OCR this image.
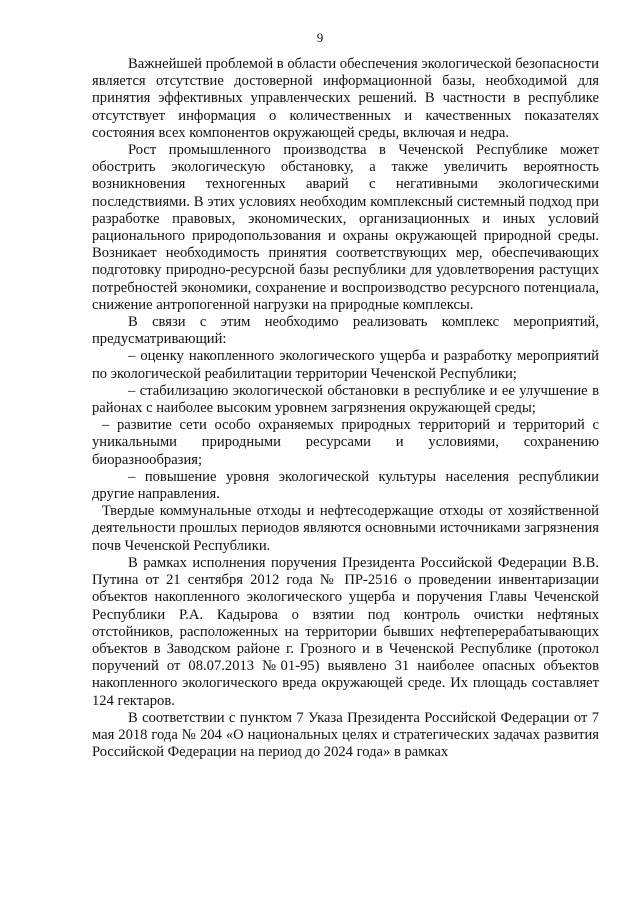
9

Важнейшей проблемой в области обеспечения экологической безопасности является отсутствие достоверной информационной базы, необходимой для принятия эффективных управленческих решений. В частности в республике отсутствует информация о количественных и качественных показателях состояния всех компонентов окружающей среды, включая и недра.

Рост промышленного производства в Чеченской Республике может обострить экологическую обстановку, а также увеличить вероятность возникновения техногенных аварий с негативными экологическими последствиями. В этих условиях необходим комплексный системный подход при разработке правовых, экономических, организационных и иных условий рационального природопользования и охраны окружающей природной среды. Возникает необходимость принятия соответствующих мер, обеспечивающих подготовку природно-ресурсной базы республики для удовлетворения растущих потребностей экономики, сохранение и воспроизводство ресурсного потенциала, снижение антропогенной нагрузки на природные комплексы.

В связи с этим необходимо реализовать комплекс мероприятий, предусматривающий:

– оценку накопленного экологического ущерба и разработку мероприятий по экологической реабилитации территории Чеченской Республики;

– стабилизацию экологической обстановки в республике и ее улучшение в районах с наиболее высоким уровнем загрязнения окружающей среды;

– развитие сети особо охраняемых природных территорий и территорий с уникальными природными ресурсами и условиями, сохранению биоразнообразия;

– повышение уровня экологической культуры населения республикии другие направления.

Твердые коммунальные отходы и нефтесодержащие отходы от хозяйственной деятельности прошлых периодов являются основными источниками загрязнения почв Чеченской Республики.

В рамках исполнения поручения Президента Российской Федерации В.В. Путина от 21 сентября 2012 года № ПР-2516 о проведении инвентаризации объектов накопленного экологического ущерба и поручения Главы Чеченской Республики Р.А. Кадырова о взятии под контроль очистки нефтяных отстойников, расположенных на территории бывших нефтеперерабатывающих объектов в Заводском районе г. Грозного и в Чеченской Республике (протокол поручений от 08.07.2013 №01-95) выявлено 31 наиболее опасных объектов накопленного экологического вреда окружающей среде. Их площадь составляет 124 гектаров.

В соответствии с пунктом 7 Указа Президента Российской Федерации от 7 мая 2018 года № 204 «О национальных целях и стратегических задачах развития Российской Федерации на период до 2024 года» в рамках
